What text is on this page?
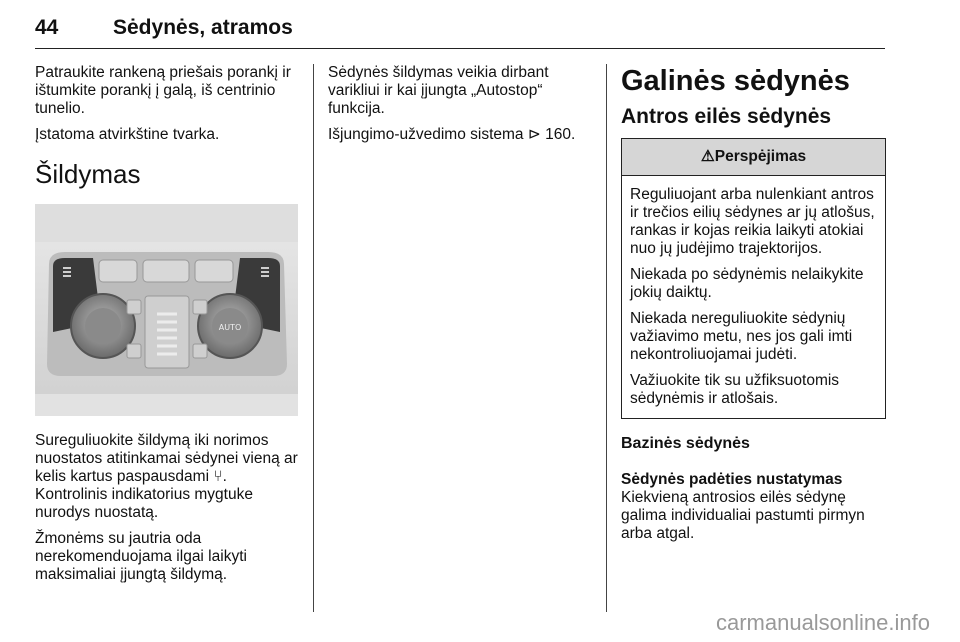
44	Sėdynės, atramos

Patraukite rankeną priešais porankį ir ištumkite porankį į galą, iš centrinio tunelio.

Įstatoma atvirkštine tvarka.

Šildymas
AUTO

Sureguliuokite šildymą iki norimos nuostatos atitinkamai sėdynei vieną ar kelis kartus paspausdami ⑂. Kontrolinis indikatorius mygtuke nurodys nuostatą.

Žmonėms su jautria oda nerekomenduojama ilgai laikyti maksimaliai įjungtą šildymą.

Sėdynės šildymas veikia dirbant varikliui ir kai įjungta „Autostop“ funkcija.

Išjungimo-užvedimo sistema ⊳ 160.

Galinės sėdynės
Antros eilės sėdynės
⚠Perspėjimas

Reguliuojant arba nulenkiant antros ir trečios eilių sėdynes ar jų atlošus, rankas ir kojas reikia laikyti atokiai nuo jų judėjimo trajektorijos.

Niekada po sėdynėmis nelaikykite jokių daiktų.

Niekada nereguliuokite sėdynių važiavimo metu, nes jos gali imti nekontroliuojamai judėti.

Važiuokite tik su užfiksuotomis sėdynėmis ir atlošais.

Bazinės sėdynės
Sėdynės padėties nustatymas

Kiekvieną antrosios eilės sėdynę galima individualiai pastumti pirmyn arba atgal.

carmanualsonline.info
